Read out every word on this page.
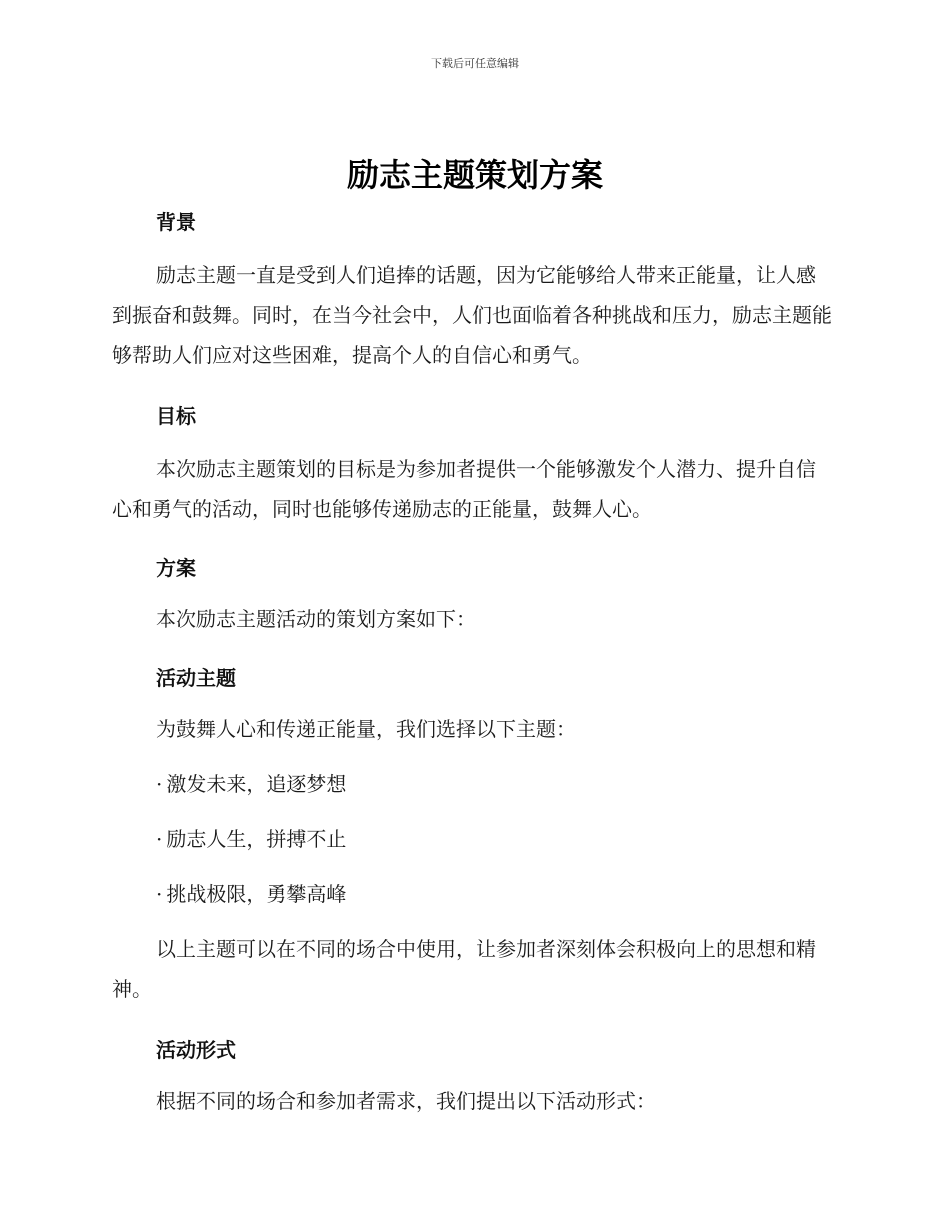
下载后可任意编辑
励志主题策划方案
背景

励志主题一直是受到人们追捧的话题，因为它能够给人带来正能量，让人感到振奋和鼓舞。同时，在当今社会中，人们也面临着各种挑战和压力，励志主题能够帮助人们应对这些困难，提高个人的自信心和勇气。

目标

本次励志主题策划的目标是为参加者提供一个能够激发个人潜力、提升自信心和勇气的活动，同时也能够传递励志的正能量，鼓舞人心。

方案

本次励志主题活动的策划方案如下：

活动主题

为鼓舞人心和传递正能量，我们选择以下主题：

· 激发未来，追逐梦想

· 励志人生，拼搏不止

· 挑战极限，勇攀高峰

以上主题可以在不同的场合中使用，让参加者深刻体会积极向上的思想和精神。

活动形式

根据不同的场合和参加者需求，我们提出以下活动形式：
